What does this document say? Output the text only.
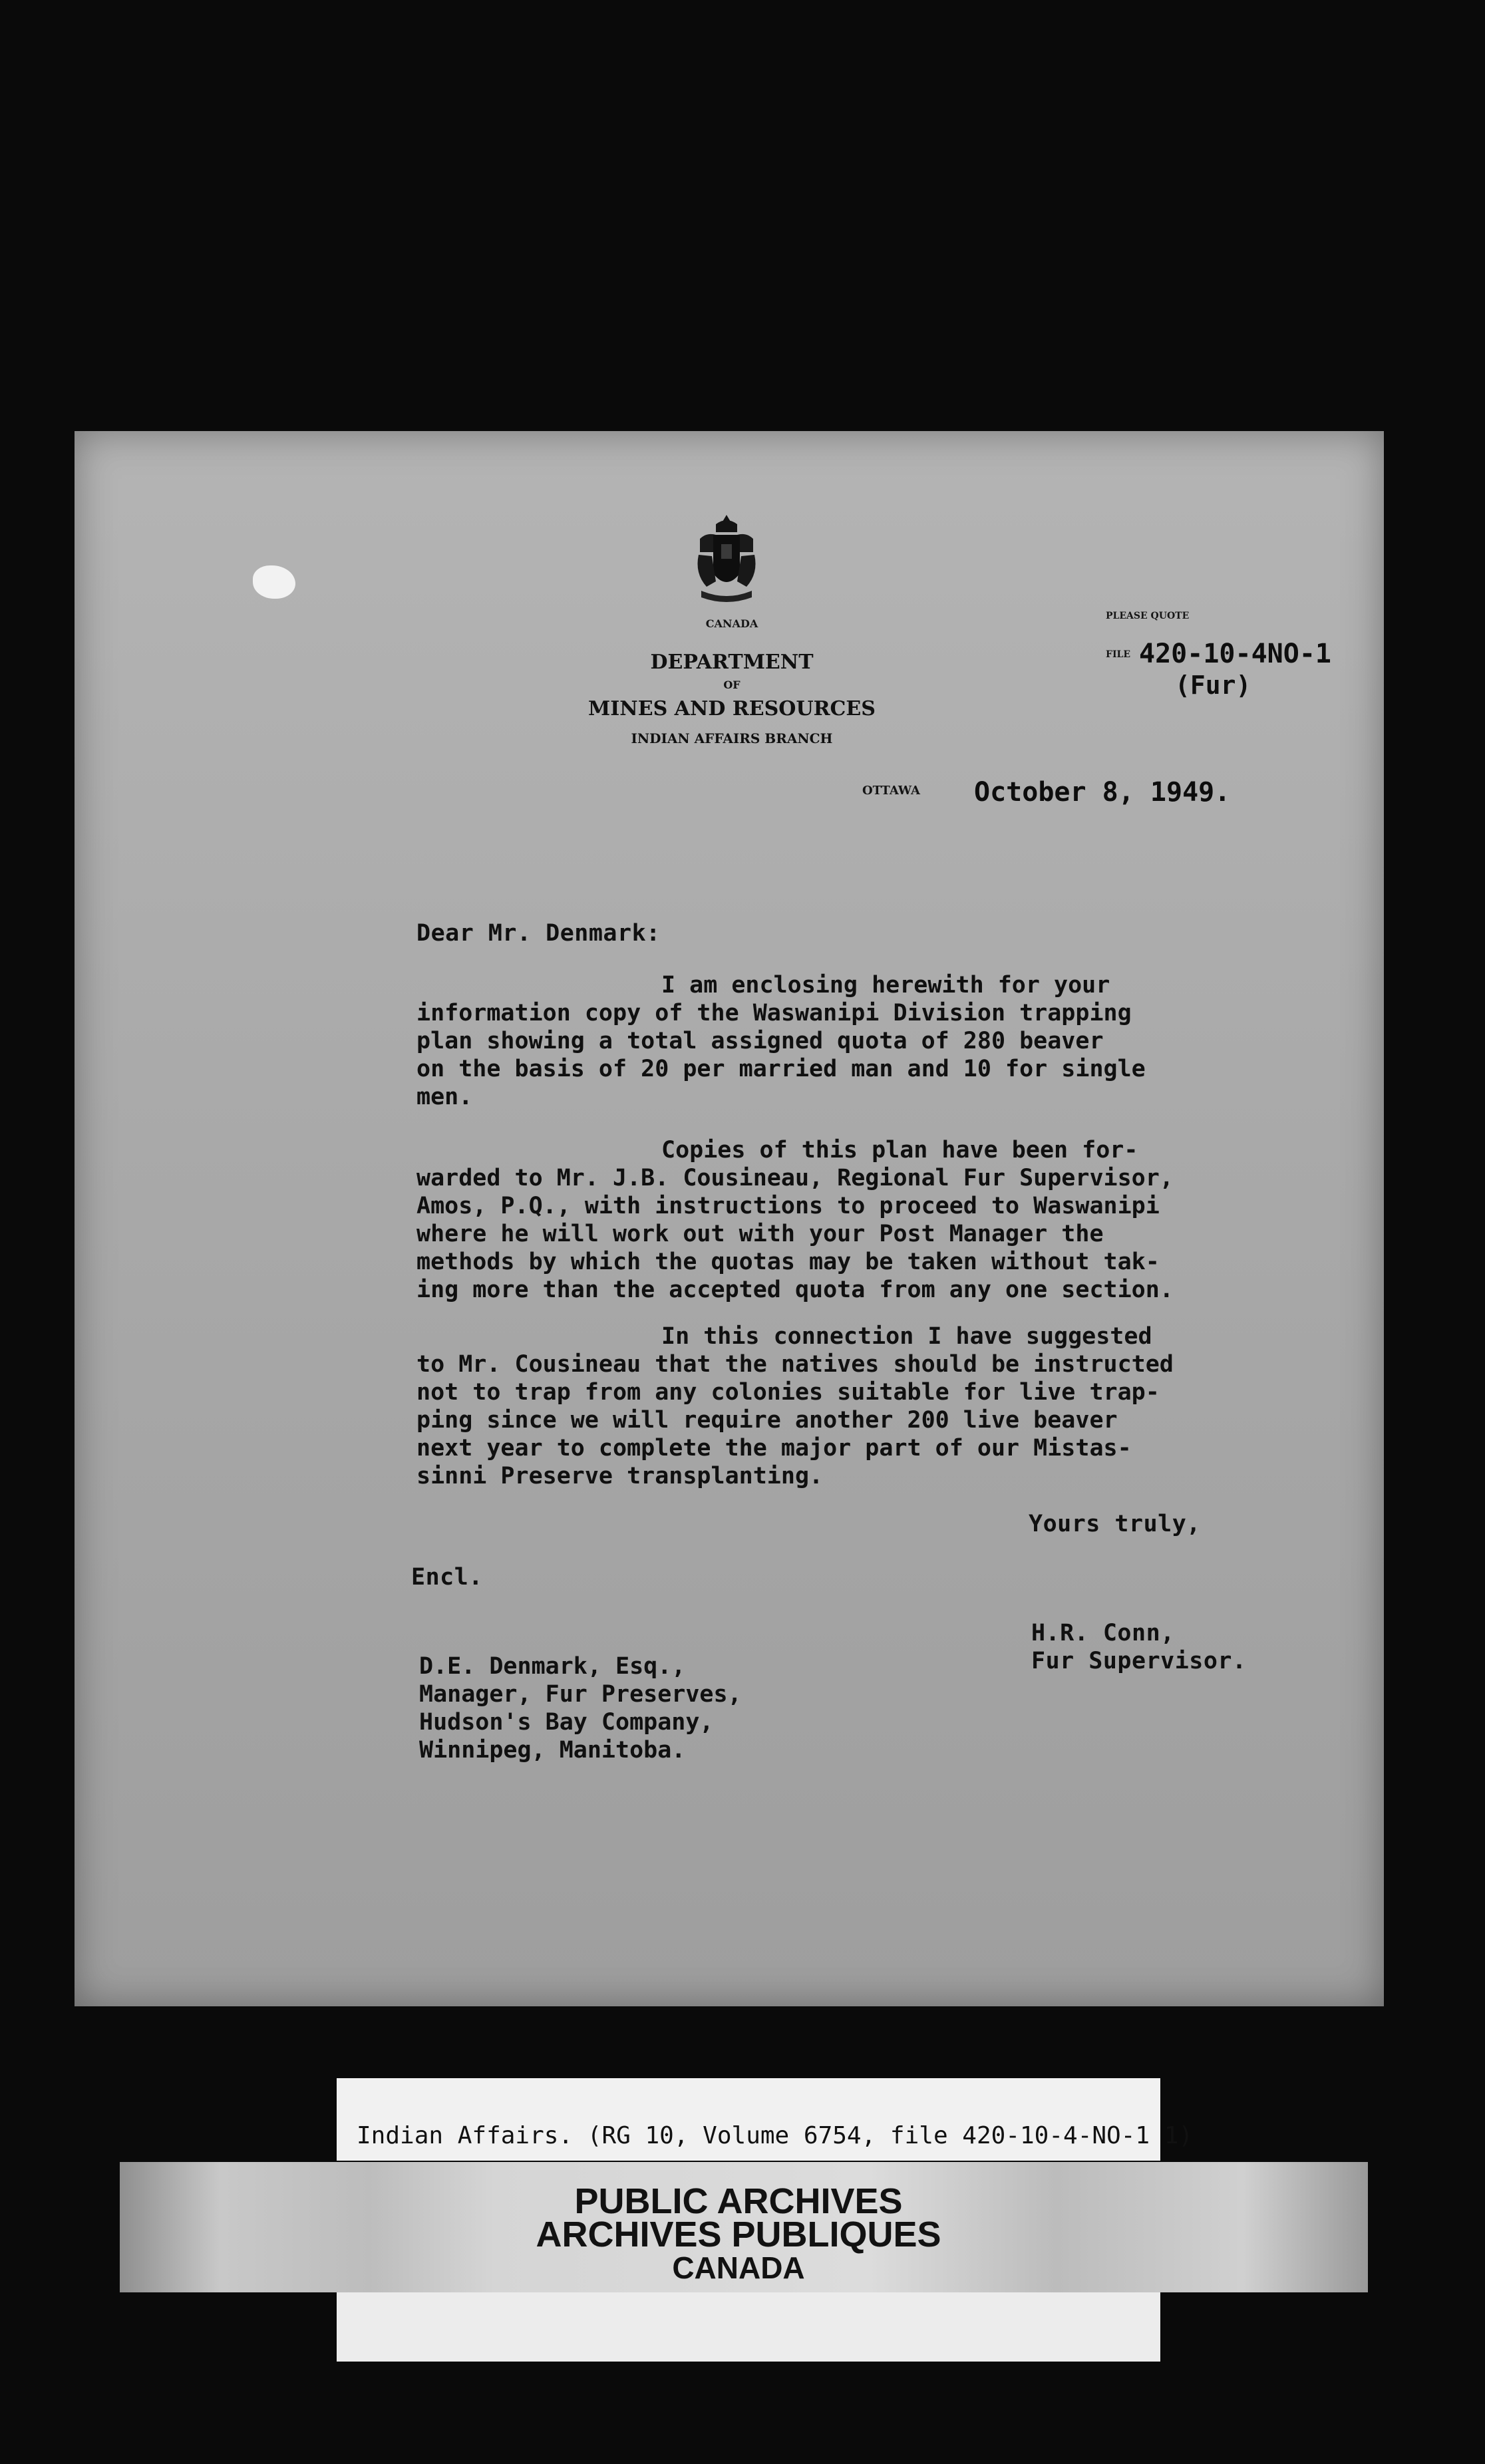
CANADA
DEPARTMENT
OF
MINES AND RESOURCES
INDIAN AFFAIRS BRANCH
PLEASE QUOTE
FILE 420-10-4NO-1
(Fur)
OTTAWA October 8, 1949.
Dear Mr. Denmark:
I am enclosing herewith for your
information copy of the Waswanipi Division trapping
plan showing a total assigned quota of 280 beaver
on the basis of 20 per married man and 10 for single
men.
Copies of this plan have been for-
warded to Mr. J.B. Cousineau, Regional Fur Supervisor,
Amos, P.Q., with instructions to proceed to Waswanipi
where he will work out with your Post Manager the
methods by which the quotas may be taken without tak-
ing more than the accepted quota from any one section.
In this connection I have suggested
to Mr. Cousineau that the natives should be instructed
not to trap from any colonies suitable for live trap-
ping since we will require another 200 live beaver
next year to complete the major part of our Mistas-
sinni Preserve transplanting.
Yours truly,
Encl.
H.R. Conn,
Fur Supervisor.
D.E. Denmark, Esq.,
Manager, Fur Preserves,
Hudson's Bay Company,
Winnipeg, Manitoba.
Indian Affairs. (RG 10, Volume 6754, file 420-10-4-NO-1 1)
PUBLIC ARCHIVES
ARCHIVES PUBLIQUES
CANADA
